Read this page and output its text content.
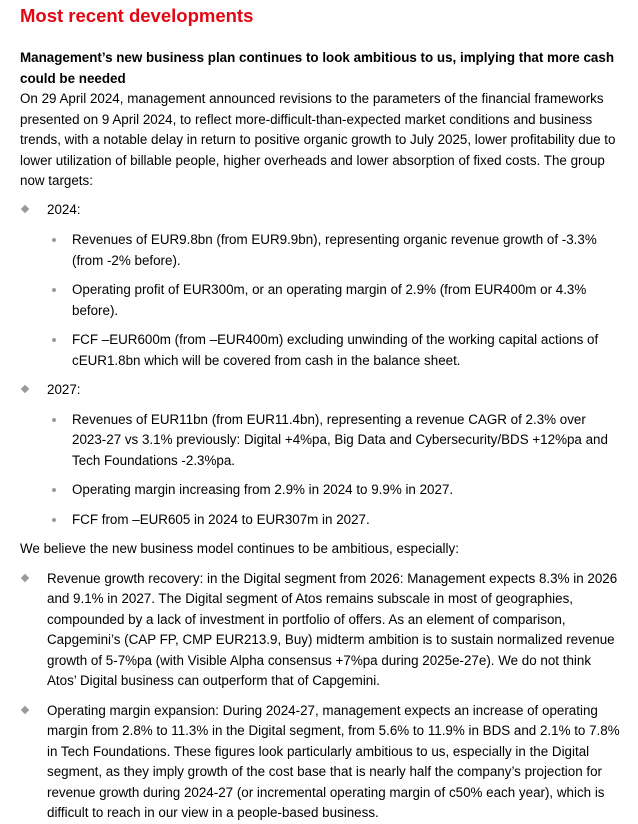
Most recent developments

Management’s new business plan continues to look ambitious to us, implying that more cash could be needed

On 29 April 2024, management announced revisions to the parameters of the financial frameworks presented on 9 April 2024, to reflect more-difficult-than-expected market conditions and business trends, with a notable delay in return to positive organic growth to July 2025, lower profitability due to lower utilization of billable people, higher overheads and lower absorption of fixed costs. The group now targets:

2024:
Revenues of EUR9.8bn (from EUR9.9bn), representing organic revenue growth of -3.3% (from -2% before).
Operating profit of EUR300m, or an operating margin of 2.9% (from EUR400m or 4.3% before).
FCF –EUR600m (from –EUR400m) excluding unwinding of the working capital actions of cEUR1.8bn which will be covered from cash in the balance sheet.
2027:
Revenues of EUR11bn (from EUR11.4bn), representing a revenue CAGR of 2.3% over 2023-27 vs 3.1% previously: Digital +4%pa, Big Data and Cybersecurity/BDS +12%pa and Tech Foundations -2.3%pa.
Operating margin increasing from 2.9% in 2024 to 9.9% in 2027.
FCF from –EUR605 in 2024 to EUR307m in 2027.

We believe the new business model continues to be ambitious, especially:

Revenue growth recovery: in the Digital segment from 2026: Management expects 8.3% in 2026 and 9.1% in 2027. The Digital segment of Atos remains subscale in most of geographies, compounded by a lack of investment in portfolio of offers. As an element of comparison, Capgemini’s (CAP FP, CMP EUR213.9, Buy) midterm ambition is to sustain normalized revenue growth of 5-7%pa (with Visible Alpha consensus +7%pa during 2025e-27e). We do not think Atos’ Digital business can outperform that of Capgemini.
Operating margin expansion: During 2024-27, management expects an increase of operating margin from 2.8% to 11.3% in the Digital segment, from 5.6% to 11.9% in BDS and 2.1% to 7.8% in Tech Foundations. These figures look particularly ambitious to us, especially in the Digital segment, as they imply growth of the cost base that is nearly half the company’s projection for revenue growth during 2024-27 (or incremental operating margin of c50% each year), which is difficult to reach in our view in a people-based business.
